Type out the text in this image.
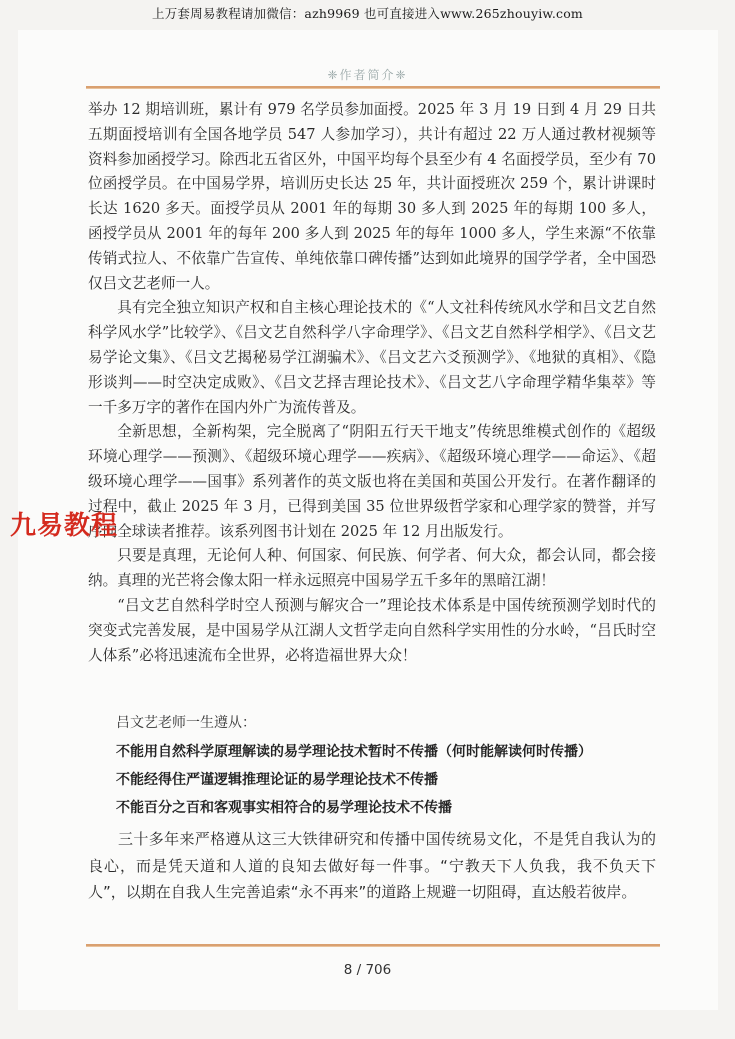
上万套周易教程请加微信：azh9969 也可直接进入www.265zhouyiw.com
❈作者简介❈

举办 12 期培训班，累计有 979 名学员参加面授。2025 年 3 月 19 日到 4 月 29 日共五期面授培训有全国各地学员 547 人参加学习），共计有超过 22 万人通过教材视频等资料参加函授学习。除西北五省区外，中国平均每个县至少有 4 名面授学员，至少有 70 位函授学员。在中国易学界，培训历史长达 25 年，共计面授班次 259 个，累计讲课时长达 1620 多天。面授学员从 2001 年的每期 30 多人到 2025 年的每期 100 多人，函授学员从 2001 年的每年 200 多人到 2025 年的每年 1000 多人，学生来源“不依靠传销式拉人、不依靠广告宣传、单纯依靠口碑传播”达到如此境界的国学学者，全中国恐仅吕文艺老师一人。

具有完全独立知识产权和自主核心理论技术的《“人文社科传统风水学和吕文艺自然科学风水学”比较学》、《吕文艺自然科学八字命理学》、《吕文艺自然科学相学》、《吕文艺易学论文集》、《吕文艺揭秘易学江湖骗术》、《吕文艺六爻预测学》、《地狱的真相》、《隐形谈判——时空决定成败》、《吕文艺择吉理论技术》、《吕文艺八字命理学精华集萃》等一千多万字的著作在国内外广为流传普及。

全新思想，全新构架，完全脱离了“阴阳五行天干地支”传统思维模式创作的《超级环境心理学——预测》、《超级环境心理学——疾病》、《超级环境心理学——命运》、《超级环境心理学——国事》系列著作的英文版也将在美国和英国公开发行。在著作翻译的过程中，截止 2025 年 3 月，已得到美国 35 位世界级哲学家和心理学家的赞誉，并写序向全球读者推荐。该系列图书计划在 2025 年 12 月出版发行。

只要是真理，无论何人种、何国家、何民族、何学者、何大众，都会认同，都会接纳。真理的光芒将会像太阳一样永远照亮中国易学五千多年的黑暗江湖！

“吕文艺自然科学时空人预测与解灾合一”理论技术体系是中国传统预测学划时代的突变式完善发展，是中国易学从江湖人文哲学走向自然科学实用性的分水岭，“吕氏时空人体系”必将迅速流布全世界，必将造福世界大众！

九易教程

吕文艺老师一生遵从：

不能用自然科学原理解读的易学理论技术暂时不传播（何时能解读何时传播）

不能经得住严谨逻辑推理论证的易学理论技术不传播

不能百分之百和客观事实相符合的易学理论技术不传播

三十多年来严格遵从这三大铁律研究和传播中国传统易文化，不是凭自我认为的良心，而是凭天道和人道的良知去做好每一件事。“宁教天下人负我，我不负天下人”，以期在自我人生完善追索“永不再来”的道路上规避一切阻碍，直达般若彼岸。

8 / 706
